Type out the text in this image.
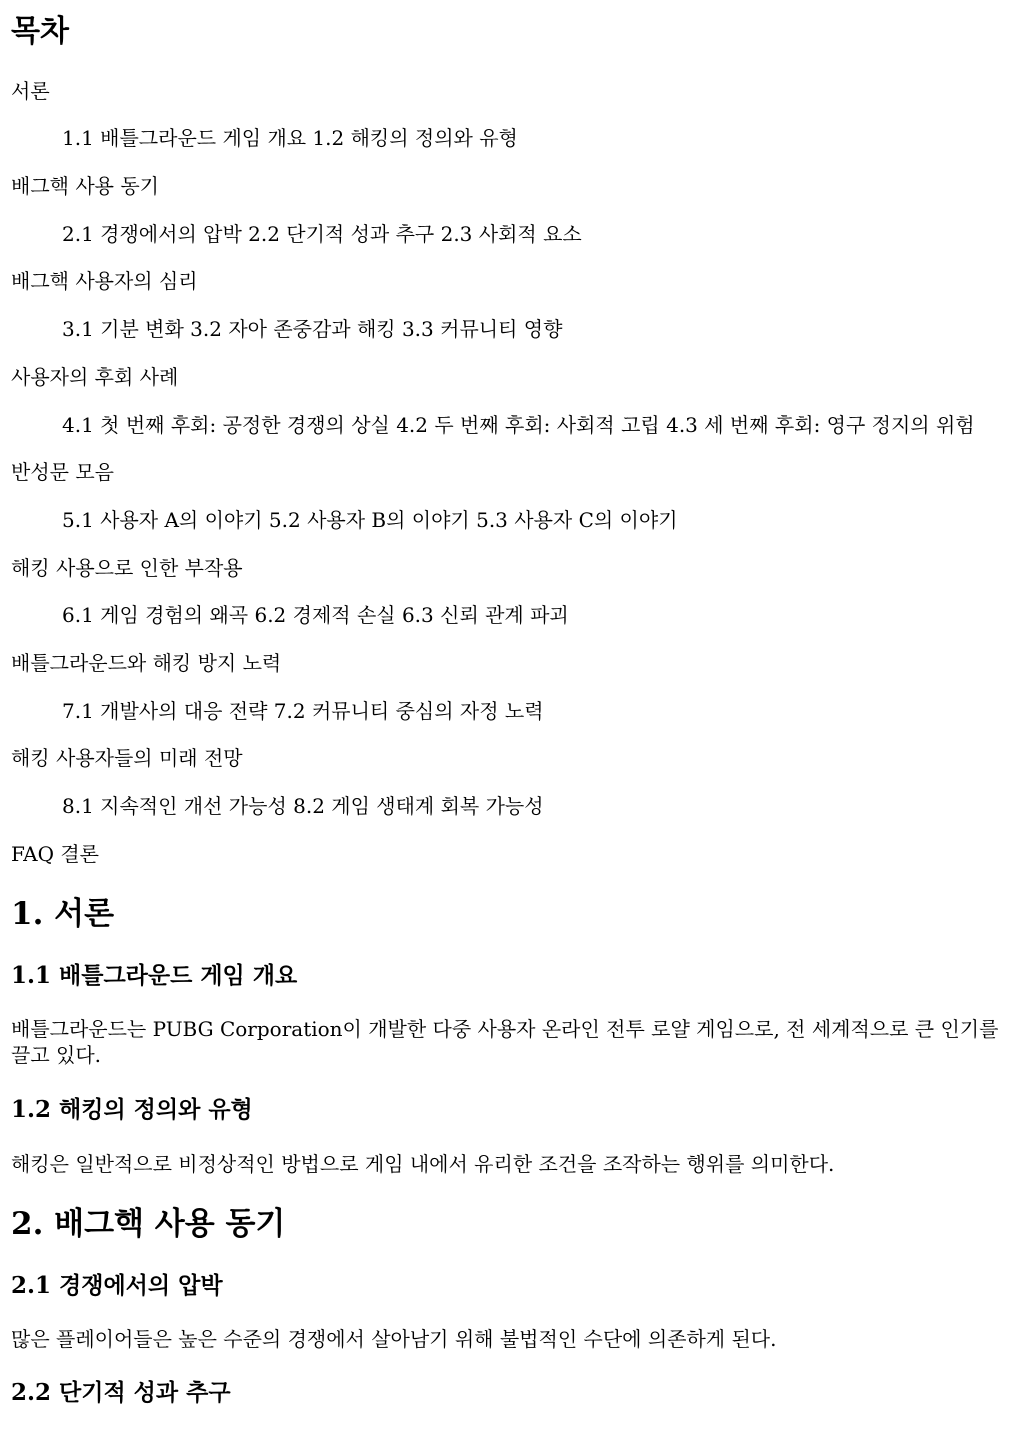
목차
서론
1.1 배틀그라운드 게임 개요 1.2 해킹의 정의와 유형
배그핵 사용 동기
2.1 경쟁에서의 압박 2.2 단기적 성과 추구 2.3 사회적 요소
배그핵 사용자의 심리
3.1 기분 변화 3.2 자아 존중감과 해킹 3.3 커뮤니티 영향
사용자의 후회 사례
4.1 첫 번째 후회: 공정한 경쟁의 상실 4.2 두 번째 후회: 사회적 고립 4.3 세 번째 후회: 영구 정지의 위험
반성문 모음
5.1 사용자 A의 이야기 5.2 사용자 B의 이야기 5.3 사용자 C의 이야기
해킹 사용으로 인한 부작용
6.1 게임 경험의 왜곡 6.2 경제적 손실 6.3 신뢰 관계 파괴
배틀그라운드와 해킹 방지 노력
7.1 개발사의 대응 전략 7.2 커뮤니티 중심의 자정 노력
해킹 사용자들의 미래 전망
8.1 지속적인 개선 가능성 8.2 게임 생태계 회복 가능성
FAQ 결론
1. 서론
1.1 배틀그라운드 게임 개요

배틀그라운드는 PUBG Corporation이 개발한 다중 사용자 온라인 전투 로얄 게임으로, 전 세계적으로 큰 인기를 끌고 있다.

1.2 해킹의 정의와 유형

해킹은 일반적으로 비정상적인 방법으로 게임 내에서 유리한 조건을 조작하는 행위를 의미한다.

2. 배그핵 사용 동기
2.1 경쟁에서의 압박

많은 플레이어들은 높은 수준의 경쟁에서 살아남기 위해 불법적인 수단에 의존하게 된다.

2.2 단기적 성과 추구
